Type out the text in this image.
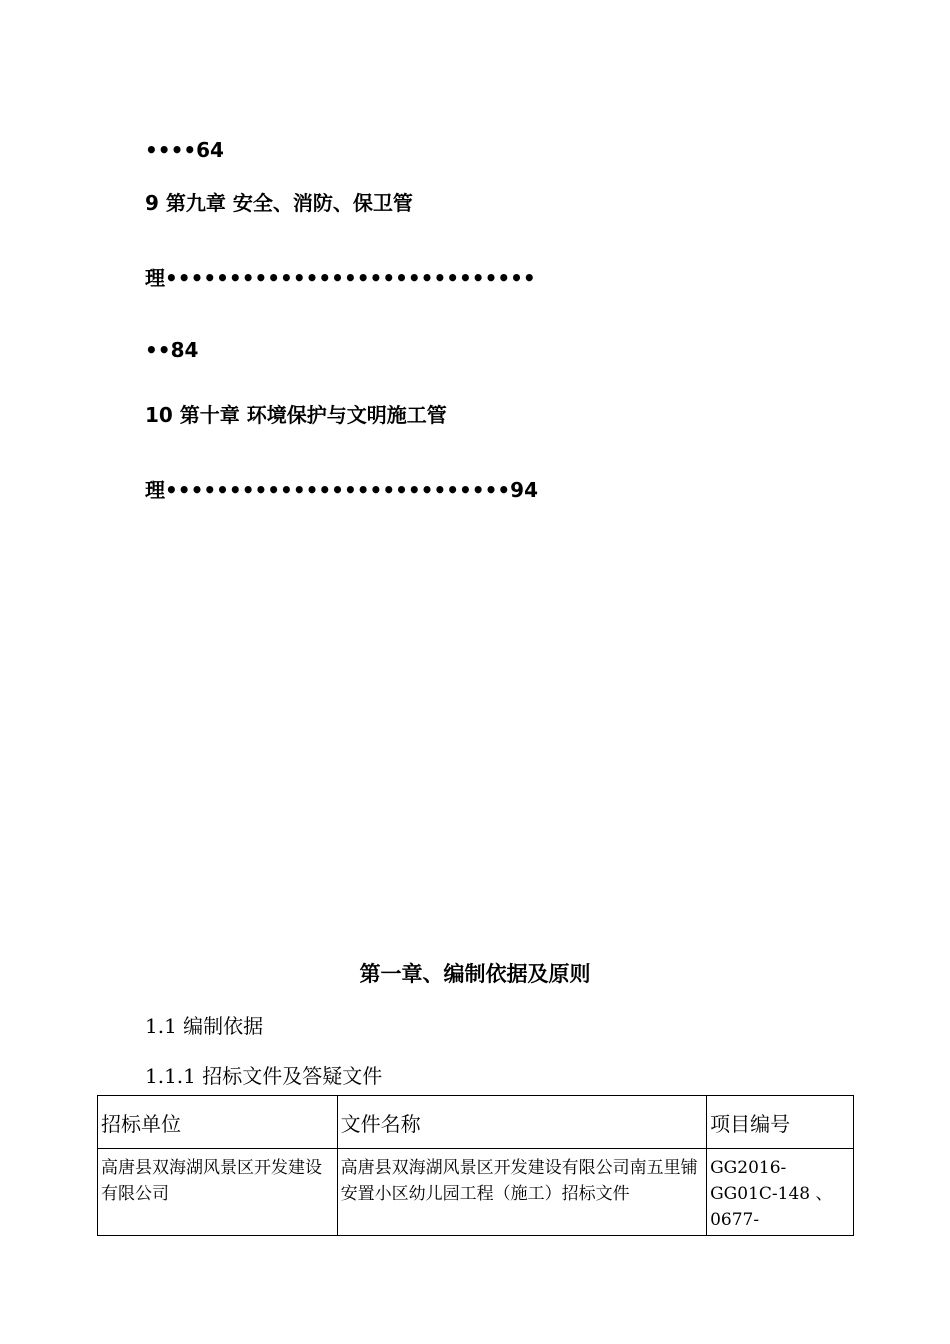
••••64
9 第九章 安全、消防、保卫管
理•••••••••••••••••••••••••••••
••84
10 第十章 环境保护与文明施工管
理•••••••••••••••••••••••••••94
第一章、编制依据及原则
1.1 编制依据
1.1.1 招标文件及答疑文件
招标单位	文件名称	项目编号
高唐县双海湖风景区开发建设有限公司	高唐县双海湖风景区开发建设有限公司南五里铺安置小区幼儿园工程（施工）招标文件	GG2016-GG01C-148 、 0677-
